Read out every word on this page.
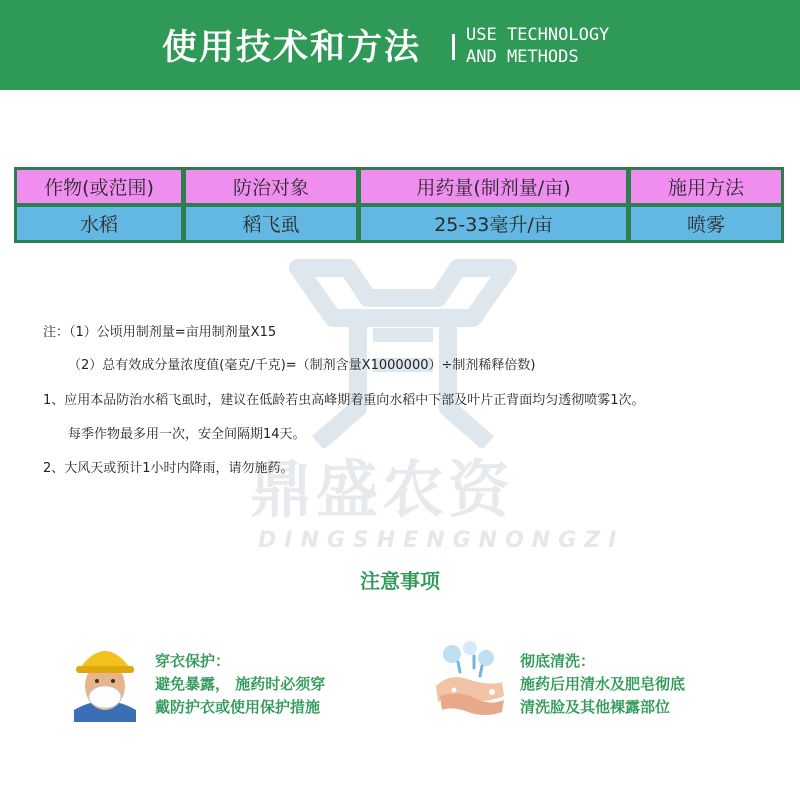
使用技术和方法	USE TECHNOLOGY
AND METHODS
鼎盛农资
DINGSHENGNONGZI
作物(或范围)	防治对象	用药量(制剂量/亩)	施用方法
水稻	稻飞虱	25-33毫升/亩	喷雾
注：（1）公顷用制剂量=亩用制剂量X15
（2）总有效成分量浓度值(毫克/千克)=（制剂含量X1000000）÷制剂稀释倍数)
1、应用本品防治水稻飞虱时，建议在低龄若虫高峰期着重向水稻中下部及叶片正背面均匀透彻喷雾1次。
每季作物最多用一次，安全间隔期14天。
2、大风天或预计1小时内降雨，请勿施药。
注意事项
穿衣保护：
避免暴露， 施药时必须穿
戴防护衣或使用保护措施
彻底清洗：
施药后用清水及肥皂彻底
清洗脸及其他裸露部位
